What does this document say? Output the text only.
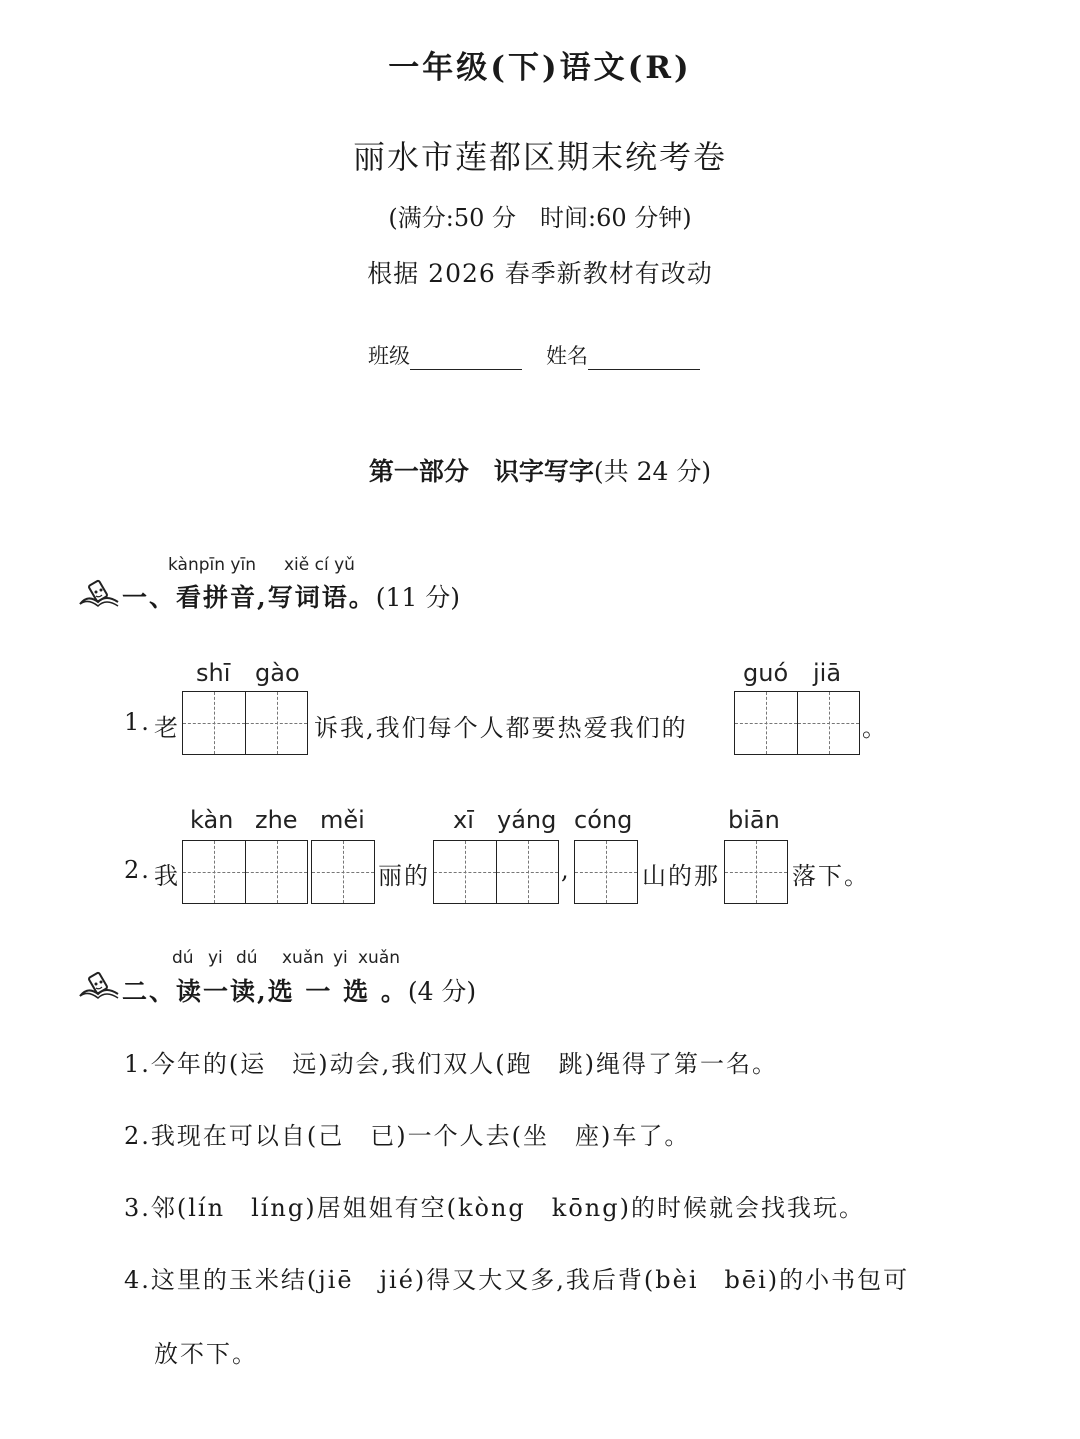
一年级(下)语文(R)
丽水市莲都区期末统考卷
(满分:50 分　时间:60 分钟)
根据 2026 春季新教材有改动
班级	姓名
第一部分　识字写字(共 24 分)
kànpīn yīn xiě cí yǔ
一、看拼音,写词语。(11 分)
shī gào	guó jiā
1. 老	诉我,我们每个人都要热爱我们的	。
kàn zhe měi	xī yáng cóng	biān
2. 我	丽的	,	山的那	落下。
dú yi dú xuǎn yi xuǎn
二、读一读,选 一 选 。(4 分)
1.今年的(运　远)动会,我们双人(跑　跳)绳得了第一名。
2.我现在可以自(己　已)一个人去(坐　座)车了。
3.邻(lín　líng)居姐姐有空(kòng　kōng)的时候就会找我玩。
4.这里的玉米结(jiē　jié)得又大又多,我后背(bèi　bēi)的小书包可
放不下。
